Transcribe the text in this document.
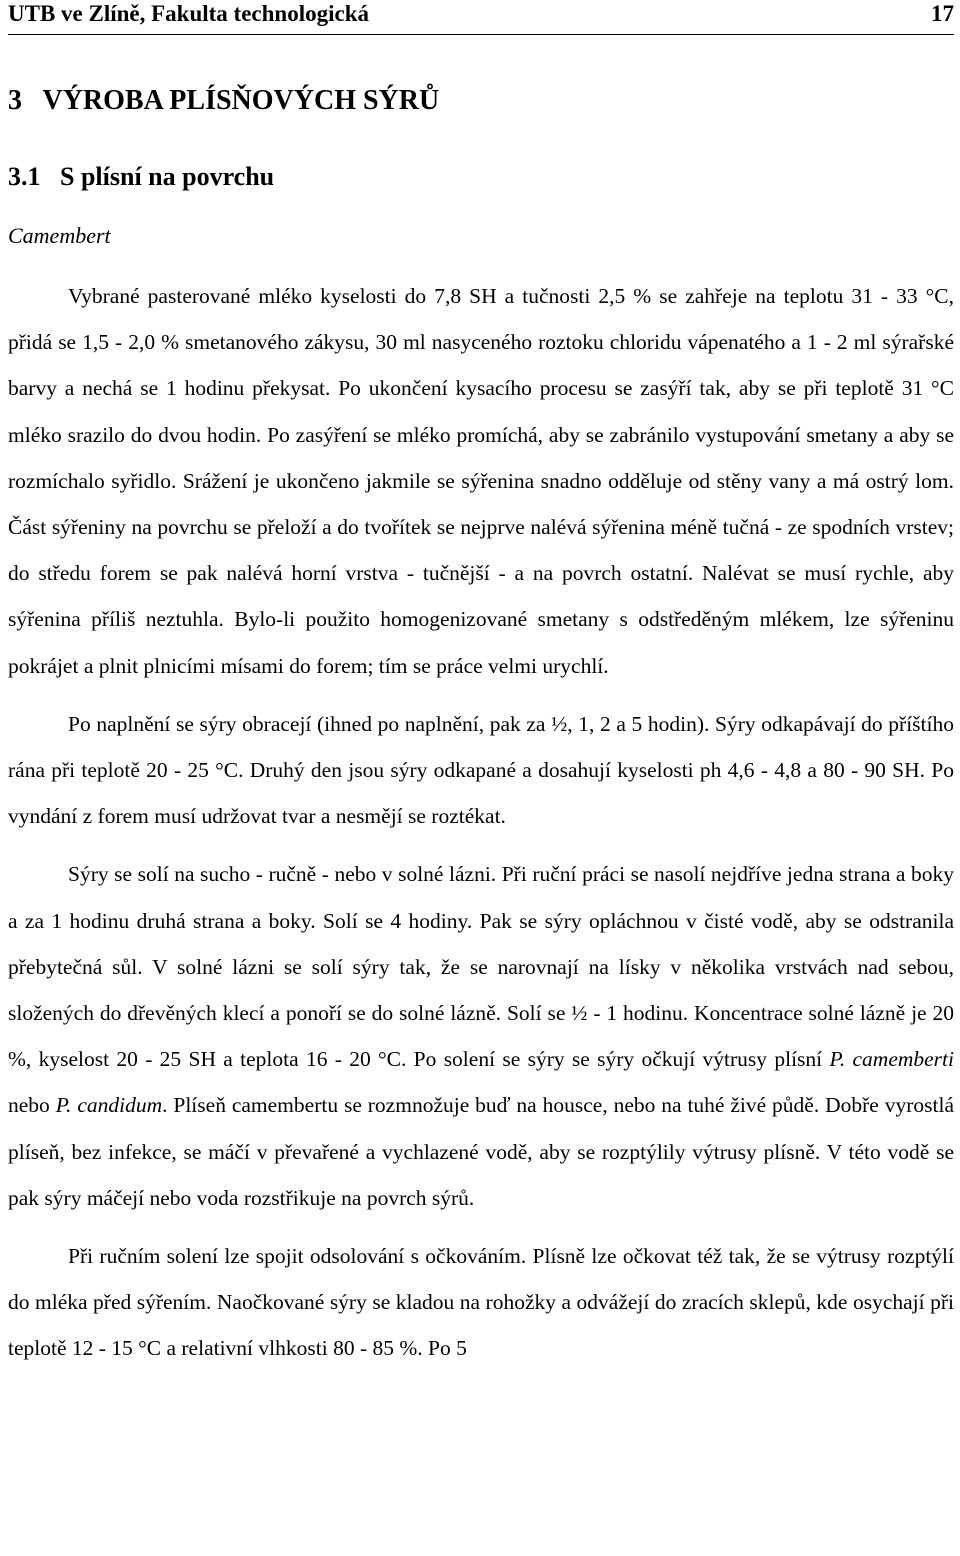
UTB ve Zlíně, Fakulta technologická	17
3   VÝROBA PLÍSŇOVÝCH SÝRŮ
3.1   S plísní na povrchu
Camembert

Vybrané pasterované mléko kyselosti do 7,8 SH a tučnosti 2,5 % se zahřeje na teplotu 31 - 33 °C, přidá se 1,5 - 2,0 % smetanového zákysu, 30 ml nasyceného roztoku chloridu vápenatého a 1 - 2 ml sýrařské barvy a nechá se 1 hodinu překysat. Po ukončení kysacího procesu se zasýří tak, aby se při teplotě 31 °C mléko srazilo do dvou hodin. Po zasýření se mléko promíchá, aby se zabránilo vystupování smetany a aby se rozmíchalo syřidlo. Srážení je ukončeno jakmile se sýřenina snadno odděluje od stěny vany a má ostrý lom. Část sýřeniny na povrchu se přeloží a do tvořítek se nejprve nalévá sýřenina méně tučná - ze spodních vrstev; do středu forem se pak nalévá horní vrstva - tučnější - a na povrch ostatní. Nalévat se musí rychle, aby sýřenina příliš neztuhla. Bylo-li použito homogenizované smetany s odstředěným mlékem, lze sýřeninu pokrájet a plnit plnicími mísami do forem; tím se práce velmi urychlí.

Po naplnění se sýry obracejí (ihned po naplnění, pak za ½, 1, 2 a 5 hodin). Sýry odkapávají do příštího rána při teplotě 20 - 25 °C. Druhý den jsou sýry odkapané a dosahují kyselosti ph 4,6 - 4,8 a 80 - 90 SH. Po vyndání z forem musí udržovat tvar a nesmějí se roztékat.

Sýry se solí na sucho - ručně - nebo v solné lázni. Při ruční práci se nasolí nejdříve jedna strana a boky a za 1 hodinu druhá strana a boky. Solí se 4 hodiny. Pak se sýry opláchnou v čisté vodě, aby se odstranila přebytečná sůl. V solné lázni se solí sýry tak, že se narovnají na lísky v několika vrstvách nad sebou, složených do dřevěných klecí a ponoří se do solné lázně. Solí se ½ - 1 hodinu. Koncentrace solné lázně je 20 %, kyselost 20 - 25 SH a teplota 16 - 20 °C. Po solení se sýry se sýry očkují výtrusy plísní P. camemberti nebo P. candidum. Plíseň camembertu se rozmnožuje buď na housce, nebo na tuhé živé půdě. Dobře vyrostlá plíseň, bez infekce, se máčí v převařené a vychlazené vodě, aby se rozptýlily výtrusy plísně. V této vodě se pak sýry máčejí nebo voda rozstřikuje na povrch sýrů.

Při ručním solení lze spojit odsolování s očkováním. Plísně lze očkovat též tak, že se výtrusy rozptýlí do mléka před sýřením. Naočkované sýry se kladou na rohožky a odvážejí do zracích sklepů, kde osychají při teplotě 12 - 15 °C a relativní vlhkosti 80 - 85 %. Po 5
